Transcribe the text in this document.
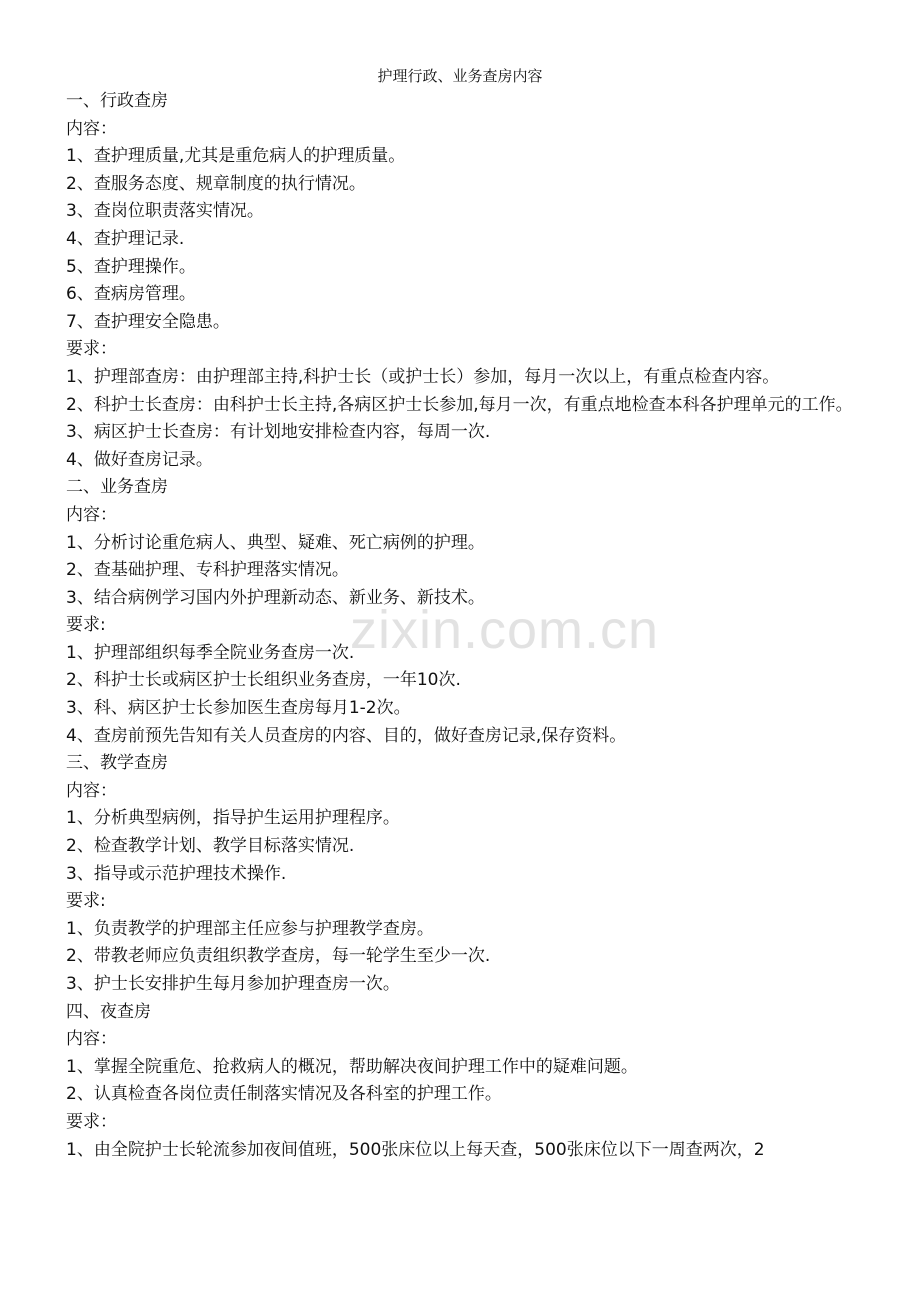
护理行政、业务查房内容
一、行政查房
内容：
1、查护理质量,尤其是重危病人的护理质量。
2、查服务态度、规章制度的执行情况。
3、查岗位职责落实情况。
4、查护理记录.
5、查护理操作。
6、查病房管理。
7、查护理安全隐患。
要求：
1、护理部查房：由护理部主持,科护士长（或护士长）参加，每月一次以上，有重点检查内容。
2、科护士长查房：由科护士长主持,各病区护士长参加,每月一次，有重点地检查本科各护理单元的工作。
3、病区护士长查房：有计划地安排检查内容，每周一次.
4、做好查房记录。
二、业务查房
内容：
1、分析讨论重危病人、典型、疑难、死亡病例的护理。
2、查基础护理、专科护理落实情况。
3、结合病例学习国内外护理新动态、新业务、新技术。
要求:
1、护理部组织每季全院业务查房一次.
2、科护士长或病区护士长组织业务查房，一年10次.
3、科、病区护士长参加医生查房每月1-2次。
4、查房前预先告知有关人员查房的内容、目的，做好查房记录,保存资料。
三、教学查房
内容：
1、分析典型病例，指导护生运用护理程序。
2、检查教学计划、教学目标落实情况.
3、指导或示范护理技术操作.
要求:
1、负责教学的护理部主任应参与护理教学查房。
2、带教老师应负责组织教学查房，每一轮学生至少一次.
3、护士长安排护生每月参加护理查房一次。
四、夜查房
内容：
1、掌握全院重危、抢救病人的概况，帮助解决夜间护理工作中的疑难问题。
2、认真检查各岗位责任制落实情况及各科室的护理工作。
要求：
1、由全院护士长轮流参加夜间值班，500张床位以上每天查，500张床位以下一周查两次，2
zixin.com.cn
